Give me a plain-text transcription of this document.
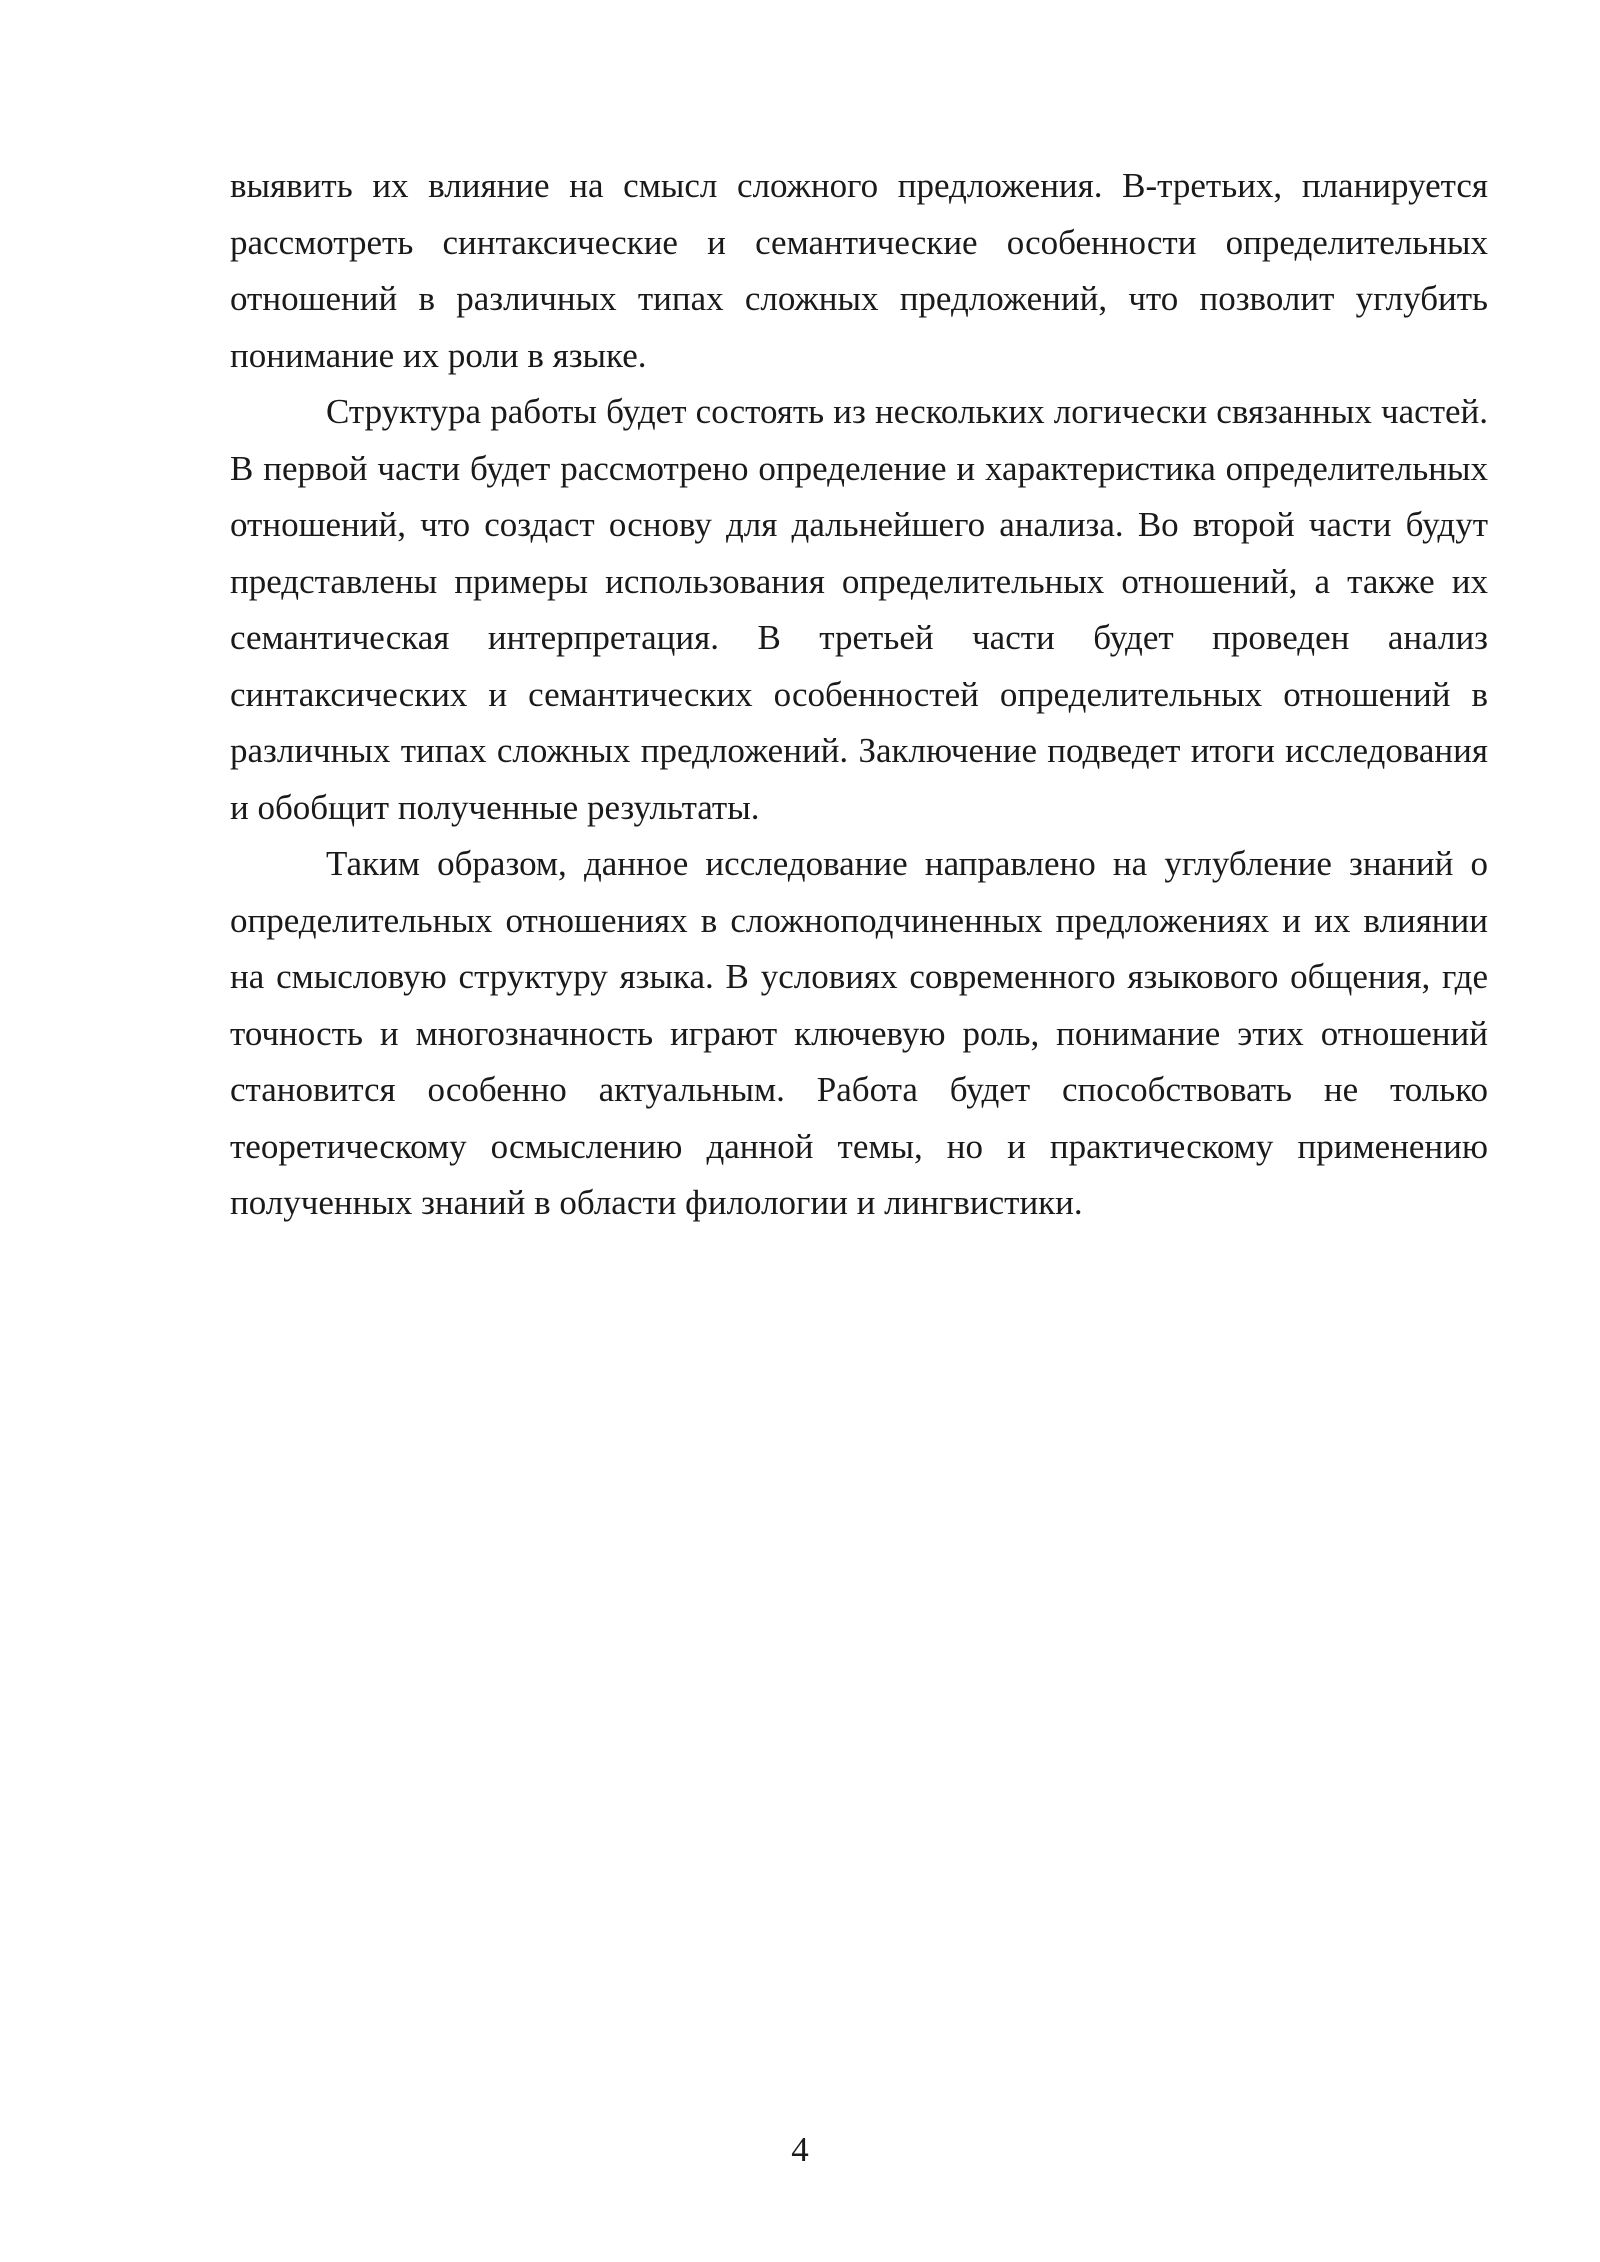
выявить их влияние на смысл сложного предложения. В-третьих, планируется рассмотреть синтаксические и семантические особенности определительных отношений в различных типах сложных предложений, что позволит углубить понимание их роли в языке.

Структура работы будет состоять из нескольких логически связанных частей. В первой части будет рассмотрено определение и характеристика определительных отношений, что создаст основу для дальнейшего анализа. Во второй части будут представлены примеры использования определительных отношений, а также их семантическая интерпретация. В третьей части будет проведен анализ синтаксических и семантических особенностей определительных отношений в различных типах сложных предложений. Заключение подведет итоги исследования и обобщит полученные результаты.

Таким образом, данное исследование направлено на углубление знаний о определительных отношениях в сложноподчиненных предложениях и их влиянии на смысловую структуру языка. В условиях современного языкового общения, где точность и многозначность играют ключевую роль, понимание этих отношений становится особенно актуальным. Работа будет способствовать не только теоретическому осмыслению данной темы, но и практическому применению полученных знаний в области филологии и лингвистики.

4
